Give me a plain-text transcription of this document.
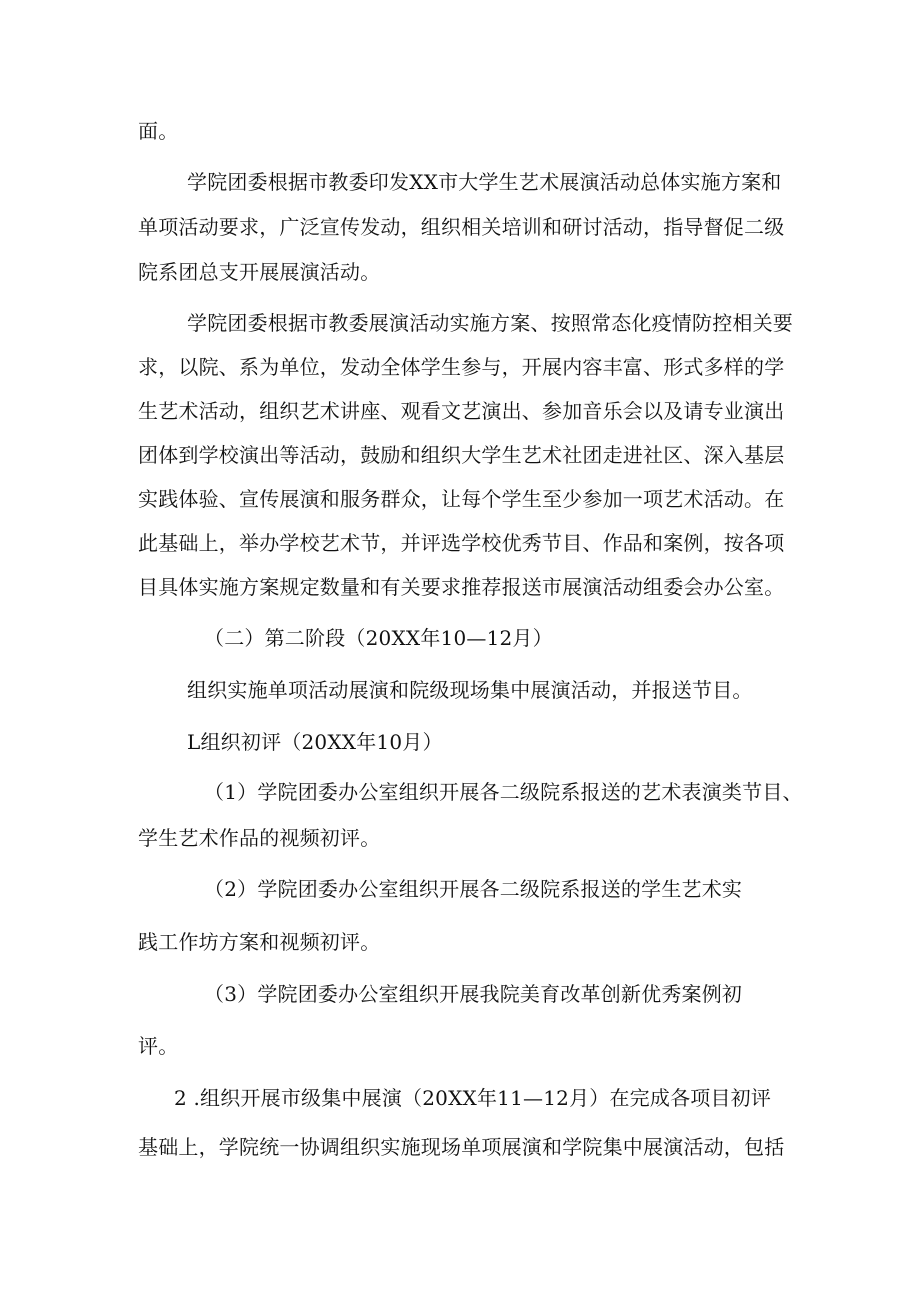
面。

学院团委根据市教委印发XX市大学生艺术展演活动总体实施方案和

单项活动要求，广泛宣传发动，组织相关培训和研讨活动，指导督促二级

院系团总支开展展演活动。

学院团委根据市教委展演活动实施方案、按照常态化疫情防控相关要

求，以院、系为单位，发动全体学生参与，开展内容丰富、形式多样的学

生艺术活动，组织艺术讲座、观看文艺演出、参加音乐会以及请专业演出

团体到学校演出等活动，鼓励和组织大学生艺术社团走进社区、深入基层

实践体验、宣传展演和服务群众，让每个学生至少参加一项艺术活动。在

此基础上，举办学校艺术节，并评选学校优秀节目、作品和案例，按各项

目具体实施方案规定数量和有关要求推荐报送市展演活动组委会办公室。

（二）第二阶段（20XX年10—12月）

组织实施单项活动展演和院级现场集中展演活动，并报送节目。

L组织初评（20XX年10月）

（1）学院团委办公室组织开展各二级院系报送的艺术表演类节目、

学生艺术作品的视频初评。

（2）学院团委办公室组织开展各二级院系报送的学生艺术实

践工作坊方案和视频初评。

（3）学院团委办公室组织开展我院美育改革创新优秀案例初

评。

2 .组织开展市级集中展演（20XX年11—12月）在完成各项目初评

基础上，学院统一协调组织实施现场单项展演和学院集中展演活动，包括
